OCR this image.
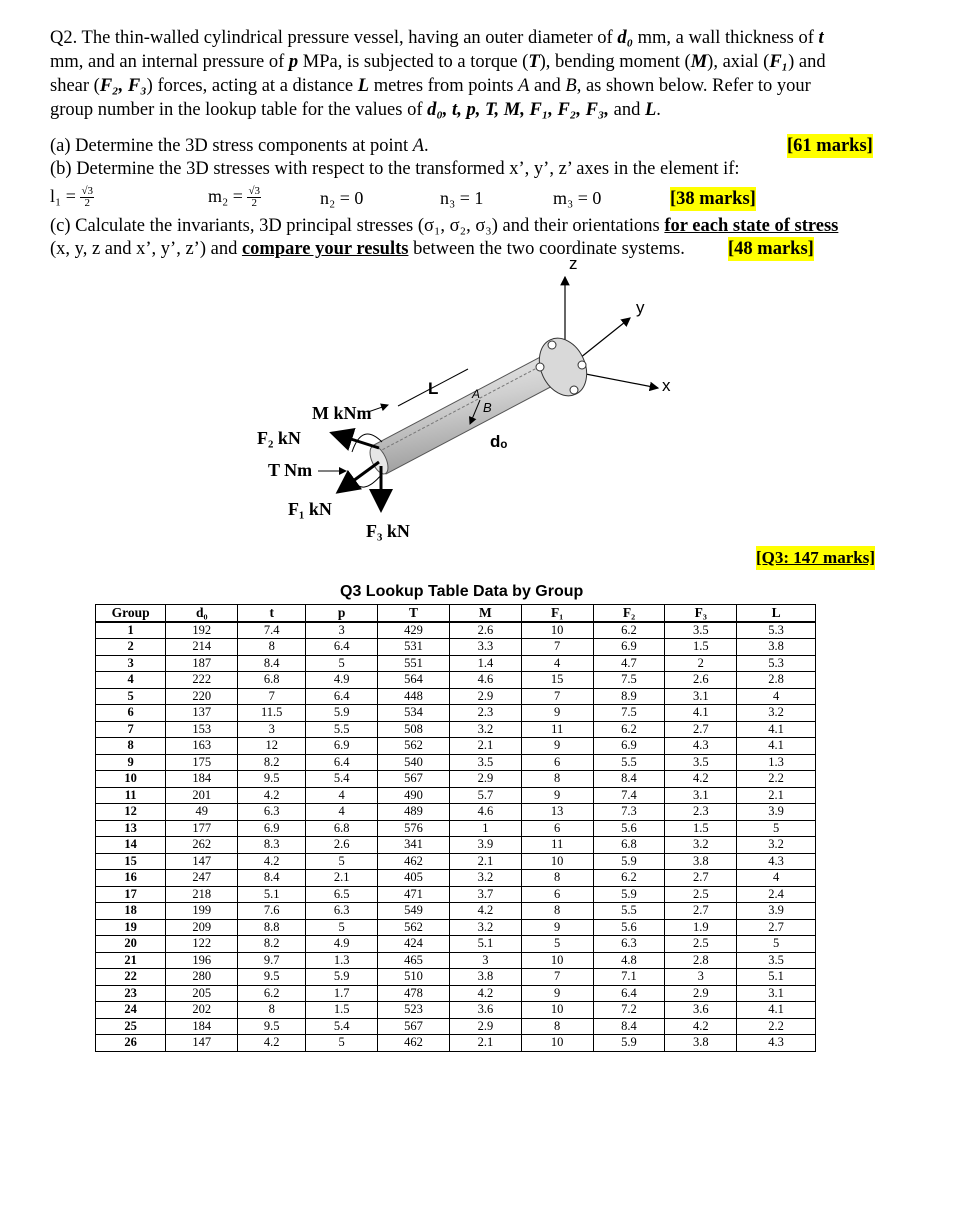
Q2. The thin-walled cylindrical pressure vessel, having an outer diameter of d₀ mm, a wall thickness of t
mm, and an internal pressure of p MPa, is subjected to a torque (T), bending moment (M), axial (F₁) and
shear (F₂, F₃) forces, acting at a distance L metres from points A and B, as shown below. Refer to your
group number in the lookup table for the values of d₀, t, p, T, M, F₁, F₂, F₃, and L.
(a) Determine the 3D stress components at point A.	[61 marks]
(b) Determine the 3D stresses with respect to the transformed x’, y’, z’ axes in the element if:
$l_1 = \frac{√3}{2}$	$m_2 = \frac{√3}{2}$	n₂ = 0	n₃ = 1	m₃ = 0	[38 marks]
(c) Calculate the invariants, 3D principal stresses (σ₁, σ₂, σ₃) and their orientations for each state of stress
(x, y, z and x’, y’, z’) and compare your results between the two coordinate systems. [48 marks]
z
y
x
L
B
A
dₒ
M kNm
F₂ kN
T Nm
F₁ kN
F₃ kN
[Q3: 147 marks]
Q3 Lookup Table Data by Group
Group	d₀	t	p	T	M	F₁	F₂	F₃	L
1	192	7.4	3	429	2.6	10	6.2	3.5	5.3
2	214	8	6.4	531	3.3	7	6.9	1.5	3.8
3	187	8.4	5	551	1.4	4	4.7	2	5.3
4	222	6.8	4.9	564	4.6	15	7.5	2.6	2.8
5	220	7	6.4	448	2.9	7	8.9	3.1	4
6	137	11.5	5.9	534	2.3	9	7.5	4.1	3.2
7	153	3	5.5	508	3.2	11	6.2	2.7	4.1
8	163	12	6.9	562	2.1	9	6.9	4.3	4.1
9	175	8.2	6.4	540	3.5	6	5.5	3.5	1.3
10	184	9.5	5.4	567	2.9	8	8.4	4.2	2.2
11	201	4.2	4	490	5.7	9	7.4	3.1	2.1
12	49	6.3	4	489	4.6	13	7.3	2.3	3.9
13	177	6.9	6.8	576	1	6	5.6	1.5	5
14	262	8.3	2.6	341	3.9	11	6.8	3.2	3.2
15	147	4.2	5	462	2.1	10	5.9	3.8	4.3
16	247	8.4	2.1	405	3.2	8	6.2	2.7	4
17	218	5.1	6.5	471	3.7	6	5.9	2.5	2.4
18	199	7.6	6.3	549	4.2	8	5.5	2.7	3.9
19	209	8.8	5	562	3.2	9	5.6	1.9	2.7
20	122	8.2	4.9	424	5.1	5	6.3	2.5	5
21	196	9.7	1.3	465	3	10	4.8	2.8	3.5
22	280	9.5	5.9	510	3.8	7	7.1	3	5.1
23	205	6.2	1.7	478	4.2	9	6.4	2.9	3.1
24	202	8	1.5	523	3.6	10	7.2	3.6	4.1
25	184	9.5	5.4	567	2.9	8	8.4	4.2	2.2
26	147	4.2	5	462	2.1	10	5.9	3.8	4.3
